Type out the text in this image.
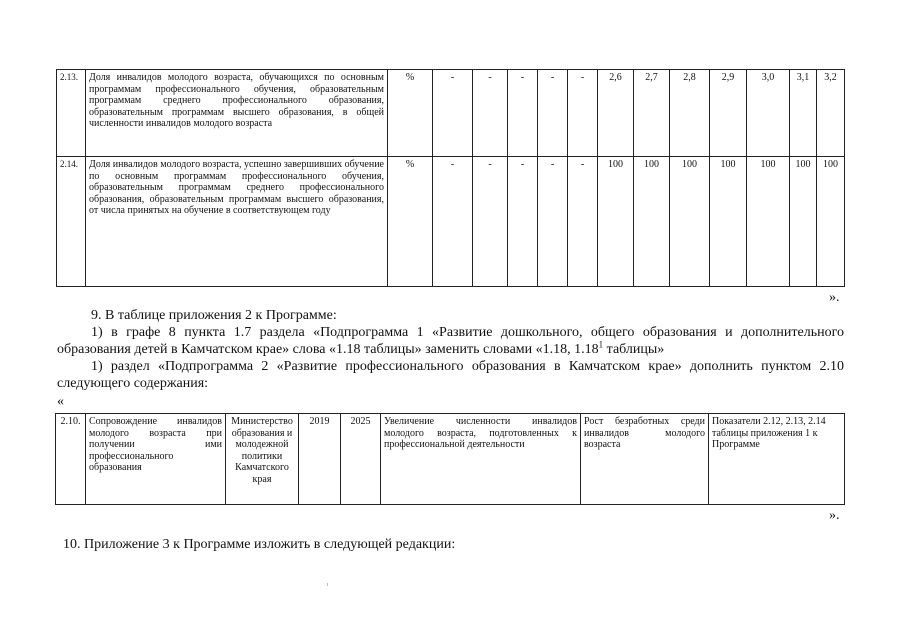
2.13.	Доля инвалидов молодого возраста, обучающихся по основным программам профессионального обучения, образовательным программам среднего профессионального образования, образовательным программам высшего образования, в общей численности инвалидов молодого возраста	%	-	-	-	-	-	2,6	2,7	2,8	2,9	3,0	3,1	3,2
2.14.	Доля инвалидов молодого возраста, успешно завершивших обучение по основным программам профессионального обучения, образовательным программам среднего профессионального образования, образовательным программам высшего образования, от числа принятых на обучение в соответствующем году	%	-	-	-	-	-	100	100	100	100	100	100	100
».
9. В таблице приложения 2 к Программе:
1) в графе 8 пункта 1.7 раздела «Подпрограмма 1 «Развитие дошкольного, общего образования и дополнительного образования детей в Камчатском крае» слова «1.18 таблицы» заменить словами «1.18, 1.18$^1$ таблицы»
1) раздел «Подпрограмма 2 «Развитие профессионального образования в Камчатском крае» дополнить пунктом 2.10 следующего содержания:
«
2.10.	Сопровождение инвалидов молодого возраста при получении ими профессионального образования	Министерство образования и молодежной политики Камчатского края	2019	2025	Увеличение численности инвалидов молодого возраста, подготовленных к профессиональной деятельности	Рост безработных среди инвалидов молодого возраста	Показатели 2.12, 2.13, 2.14 таблицы приложения 1 к Программе
».
10. Приложение 3 к Программе изложить в следующей редакции:
